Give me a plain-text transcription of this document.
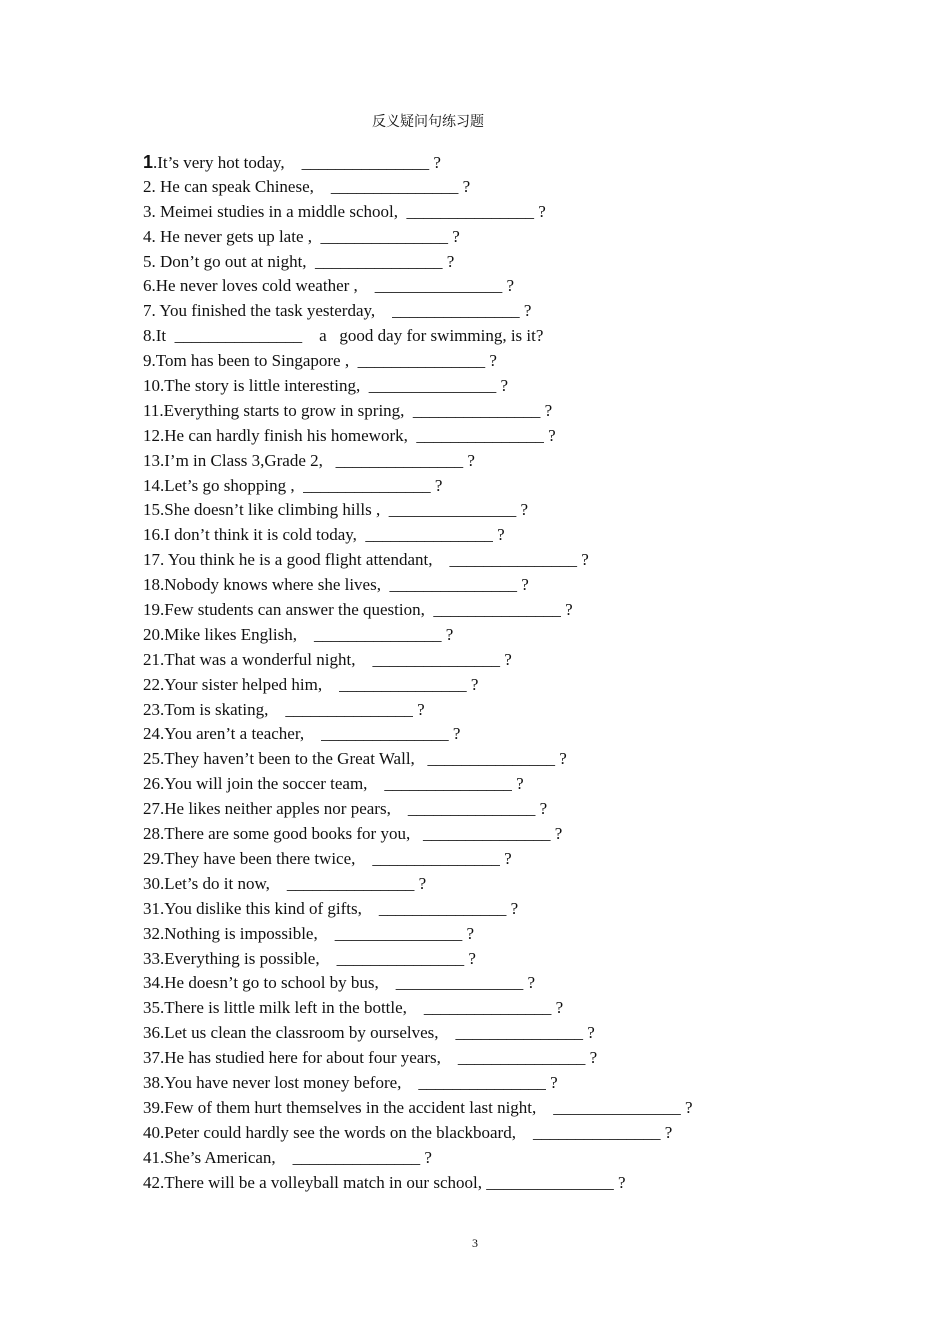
反义疑问句练习题
1.It’s very hot today,    _______________ ?
2. He can speak Chinese,    _______________ ?
3. Meimei studies in a middle school,  _______________ ?
4. He never gets up late ,  _______________ ?
5. Don’t go out at night,  _______________ ?
6.He never loves cold weather ,    _______________ ?
7. You finished the task yesterday,    _______________ ?
8.It  _______________    a   good day for swimming, is it?
9.Tom has been to Singapore ,  _______________ ?
10.The story is little interesting,  _______________ ?
11.Everything starts to grow in spring,  _______________ ?
12.He can hardly finish his homework,  _______________ ?
13.I’m in Class 3,Grade 2,   _______________ ?
14.Let’s go shopping ,  _______________ ?
15.She doesn’t like climbing hills ,  _______________ ?
16.I don’t think it is cold today,  _______________ ?
17. You think he is a good flight attendant,    _______________ ?
18.Nobody knows where she lives,  _______________ ?
19.Few students can answer the question,  _______________ ?
20.Mike likes English,    _______________ ?
21.That was a wonderful night,    _______________ ?
22.Your sister helped him,    _______________ ?
23.Tom is skating,    _______________ ?
24.You aren’t a teacher,    _______________ ?
25.They haven’t been to the Great Wall,   _______________ ?
26.You will join the soccer team,    _______________ ?
27.He likes neither apples nor pears,    _______________ ?
28.There are some good books for you,   _______________ ?
29.They have been there twice,    _______________ ?
30.Let’s do it now,    _______________ ?
31.You dislike this kind of gifts,    _______________ ?
32.Nothing is impossible,    _______________ ?
33.Everything is possible,    _______________ ?
34.He doesn’t go to school by bus,    _______________ ?
35.There is little milk left in the bottle,    _______________ ?
36.Let us clean the classroom by ourselves,    _______________ ?
37.He has studied here for about four years,    _______________ ?
38.You have never lost money before,    _______________ ?
39.Few of them hurt themselves in the accident last night,    _______________ ?
40.Peter could hardly see the words on the blackboard,    _______________ ?
41.She’s American,    _______________ ?
42.There will be a volleyball match in our school, _______________ ?
3
